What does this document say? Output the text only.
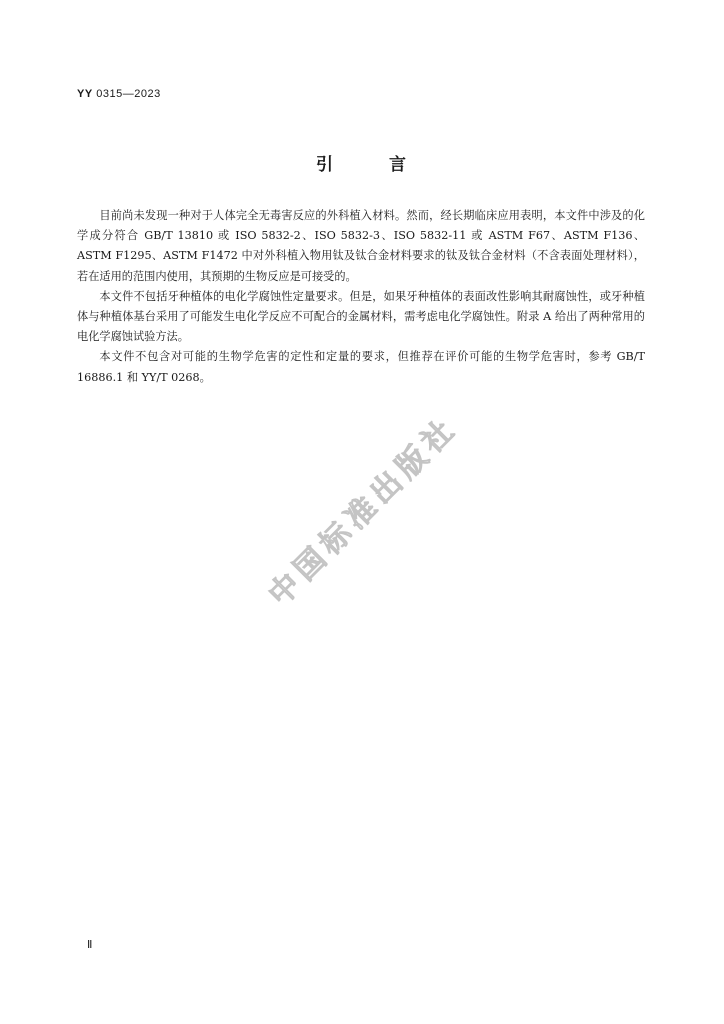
YY 0315—2023
引 言

目前尚未发现一种对于人体完全无毒害反应的外科植入材料。然而，经长期临床应用表明，本文件中涉及的化学成分符合 GB/T 13810 或 ISO 5832-2、ISO 5832-3、ISO 5832-11 或 ASTM F67、ASTM F136、ASTM F1295、ASTM F1472 中对外科植入物用钛及钛合金材料要求的钛及钛合金材料（不含表面处理材料），若在适用的范围内使用，其预期的生物反应是可接受的。

本文件不包括牙种植体的电化学腐蚀性定量要求。但是，如果牙种植体的表面改性影响其耐腐蚀性，或牙种植体与种植体基台采用了可能发生电化学反应不可配合的金属材料，需考虑电化学腐蚀性。附录 A 给出了两种常用的电化学腐蚀试验方法。

本文件不包含对可能的生物学危害的定性和定量的要求，但推荐在评价可能的生物学危害时，参考 GB/T 16886.1 和 YY/T 0268。

中国标准出版社
Ⅱ
